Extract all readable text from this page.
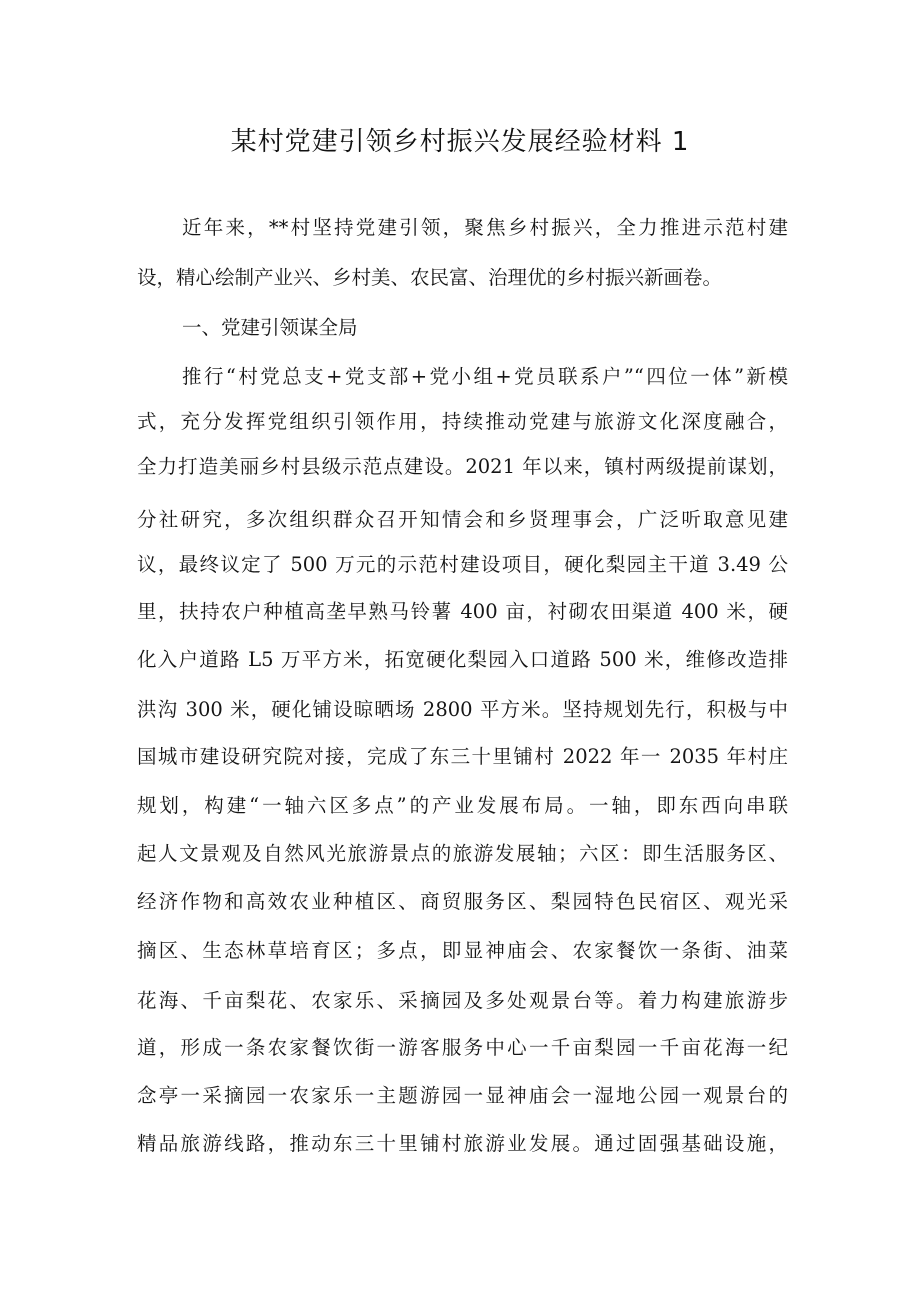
某村党建引领乡村振兴发展经验材料 1
近年来，**村坚持党建引领，聚焦乡村振兴，全力推进示范村建
设，精心绘制产业兴、乡村美、农民富、治理优的乡村振兴新画卷。
一、党建引领谋全局
推行“村党总支+党支部+党小组+党员联系户”“四位一体”新模
式，充分发挥党组织引领作用，持续推动党建与旅游文化深度融合，
全力打造美丽乡村县级示范点建设。2021 年以来，镇村两级提前谋划，
分社研究，多次组织群众召开知情会和乡贤理事会，广泛听取意见建
议，最终议定了 500 万元的示范村建设项目，硬化梨园主干道 3.49 公
里，扶持农户种植高垄早熟马铃薯 400 亩，衬砌农田渠道 400 米，硬
化入户道路 L5 万平方米，拓宽硬化梨园入口道路 500 米，维修改造排
洪沟 300 米，硬化铺设晾晒场 2800 平方米。坚持规划先行，积极与中
国城市建设研究院对接，完成了东三十里铺村 2022 年一 2035 年村庄
规划，构建“一轴六区多点”的产业发展布局。一轴，即东西向串联
起人文景观及自然风光旅游景点的旅游发展轴；六区：即生活服务区、
经济作物和高效农业种植区、商贸服务区、梨园特色民宿区、观光采
摘区、生态林草培育区；多点，即显神庙会、农家餐饮一条街、油菜
花海、千亩梨花、农家乐、采摘园及多处观景台等。着力构建旅游步
道，形成一条农家餐饮街一游客服务中心一千亩梨园一千亩花海一纪
念亭一采摘园一农家乐一主题游园一显神庙会一湿地公园一观景台的
精品旅游线路，推动东三十里铺村旅游业发展。通过固强基础设施，
